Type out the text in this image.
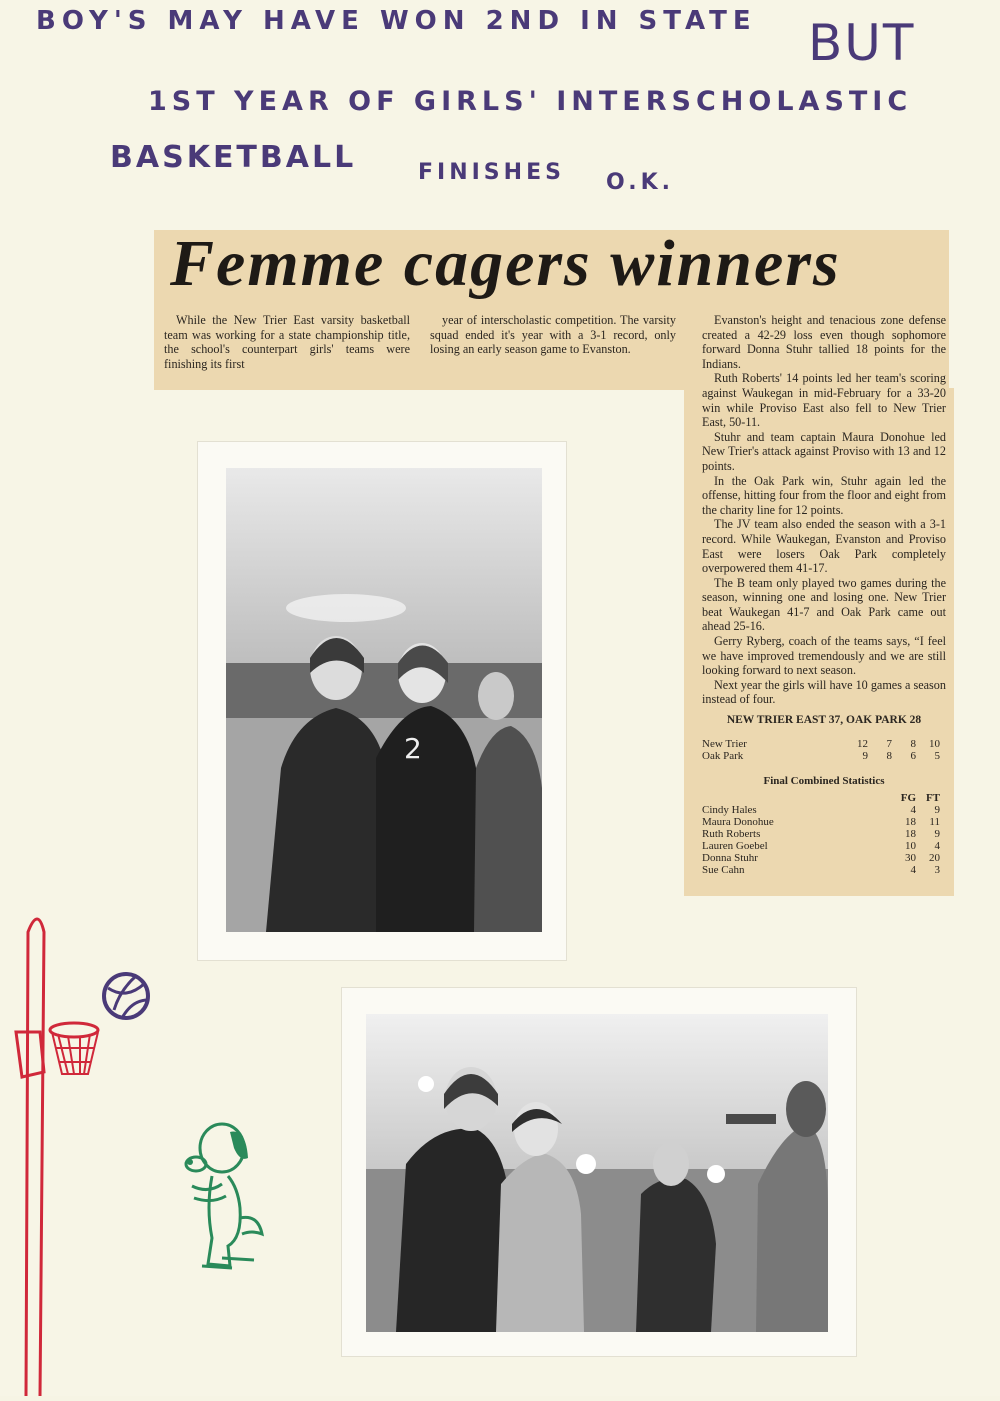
BOY'S MAY HAVE WON 2ND IN STATE BUT
1ST YEAR OF GIRLS' INTERSCHOLASTIC
BASKETBALL	FINISHES O.K.
Femme cagers winners

While the New Trier East varsity basketball team was working for a state championship title, the school's counterpart girls' teams were finishing its first

year of interscholastic competition. The varsity squad ended it's year with a 3-1 record, only losing an early season game to Evanston.

Evanston's height and tenacious zone defense created a 42-29 loss even though sophomore forward Donna Stuhr tallied 18 points for the Indians.

Ruth Roberts' 14 points led her team's scoring against Waukegan in mid-February for a 33-20 win while Proviso East also fell to New Trier East, 50-11.

Stuhr and team captain Maura Donohue led New Trier's attack against Proviso with 13 and 12 points.

In the Oak Park win, Stuhr again led the offense, hitting four from the floor and eight from the charity line for 12 points.

The JV team also ended the season with a 3-1 record. While Waukegan, Evanston and Proviso East were losers Oak Park completely overpowered them 41-17.

The B team only played two games during the season, winning one and losing one. New Trier beat Waukegan 41-7 and Oak Park came out ahead 25-16.

Gerry Ryberg, coach of the teams says, “I feel we have improved tremendously and we are still looking forward to next season.

Next year the girls will have 10 games a season instead of four.

NEW TRIER EAST 37, OAK PARK 28
New Trier	12	7	8	10
Oak Park	9	8	6	5
Final Combined Statistics
	FG	FT
Cindy Hales	4	9
Maura Donohue	18	11
Ruth Roberts	18	9
Lauren Goebel	10	4
Donna Stuhr	30	20
Sue Cahn	4	3
2
